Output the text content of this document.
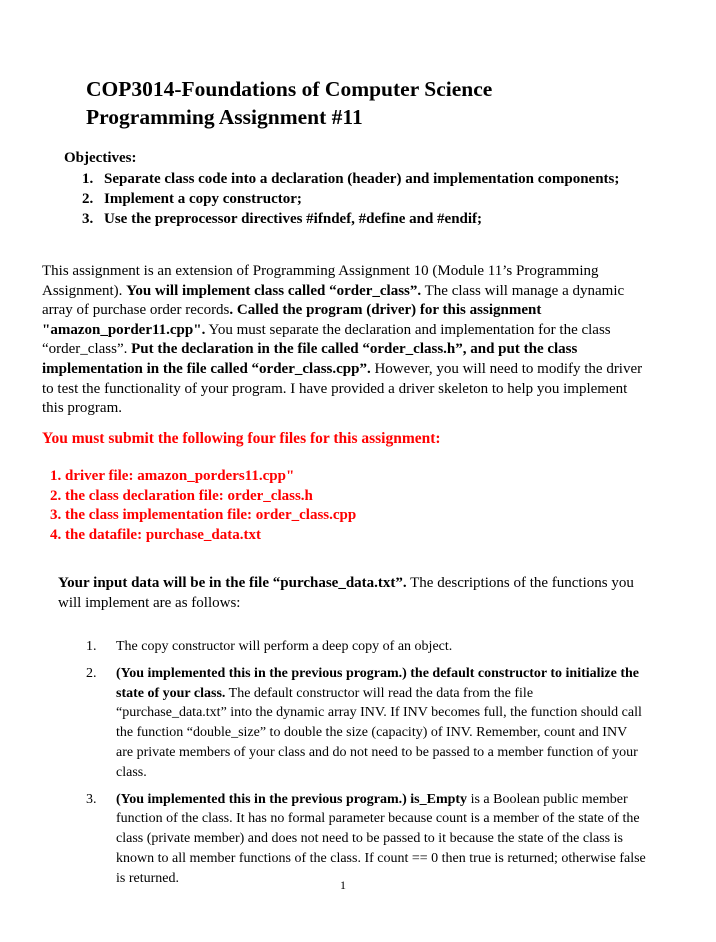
COP3014-Foundations of Computer Science
Programming Assignment #11
Objectives:
1. Separate class code into a declaration (header) and implementation components;
2. Implement a copy constructor;
3. Use the preprocessor directives #ifndef, #define and #endif;
This assignment is an extension of Programming Assignment 10 (Module 11’s Programming Assignment). You will implement class called “order_class”. The class will manage a dynamic array of purchase order records. Called the program (driver) for this assignment "amazon_porder11.cpp". You must separate the declaration and implementation for the class “order_class”. Put the declaration in the file called “order_class.h”, and put the class implementation in the file called “order_class.cpp”. However, you will need to modify the driver to test the functionality of your program. I have provided a driver skeleton to help you implement this program.
You must submit the following four files for this assignment:
1. driver file: amazon_porders11.cpp"
2. the class declaration file: order_class.h
3. the class implementation file: order_class.cpp
4. the datafile: purchase_data.txt
Your input data will be in the file “purchase_data.txt”. The descriptions of the functions you will implement are as follows:
1. The copy constructor will perform a deep copy of an object.
2. (You implemented this in the previous program.) the default constructor to initialize the state of your class. The default constructor will read the data from the file “purchase_data.txt” into the dynamic array INV. If INV becomes full, the function should call the function “double_size” to double the size (capacity) of INV. Remember, count and INV are private members of your class and do not need to be passed to a member function of your class.
3. (You implemented this in the previous program.) is_Empty is a Boolean public member function of the class. It has no formal parameter because count is a member of the state of the class (private member) and does not need to be passed to it because the state of the class is known to all member functions of the class. If count == 0 then true is returned; otherwise false is returned.	1
